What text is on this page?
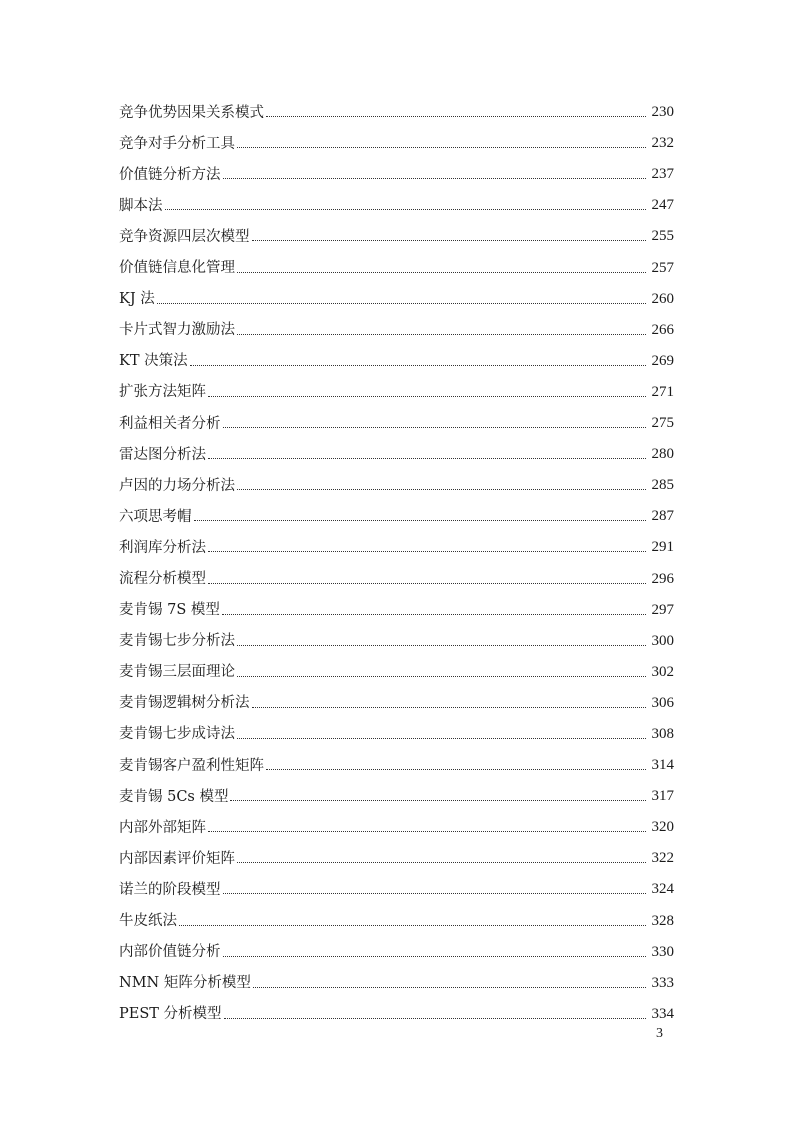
竞争优势因果关系模式	230
竞争对手分析工具	232
价值链分析方法	237
脚本法	247
竞争资源四层次模型	255
价值链信息化管理	257
KJ 法	260
卡片式智力激励法	266
KT 决策法	269
扩张方法矩阵	271
利益相关者分析	275
雷达图分析法	280
卢因的力场分析法	285
六项思考帽	287
利润库分析法	291
流程分析模型	296
麦肯锡 7S 模型	297
麦肯锡七步分析法	300
麦肯锡三层面理论	302
麦肯锡逻辑树分析法	306
麦肯锡七步成诗法	308
麦肯锡客户盈利性矩阵	314
麦肯锡 5Cs 模型	317
内部外部矩阵	320
内部因素评价矩阵	322
诺兰的阶段模型	324
牛皮纸法	328
内部价值链分析	330
NMN 矩阵分析模型	333
PEST 分析模型	334
3
